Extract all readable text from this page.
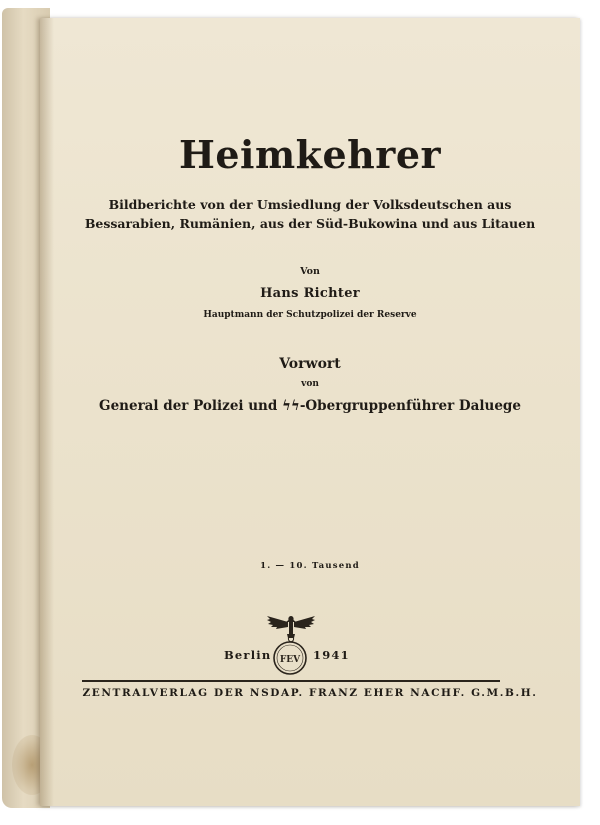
Heimkehrer
Bildberichte von der Umsiedlung der Volksdeutschen aus
Bessarabien, Rumänien, aus der Süd-Bukowina und aus Litauen
Von
Hans Richter
Hauptmann der Schutzpolizei der Reserve
Vorwort
von
General der Polizei und ϟϟ-Obergruppenführer Daluege
1. — 10. Tausend
Berlin FEV 1941
ZENTRALVERLAG DER NSDAP. FRANZ EHER NACHF. G.M.B.H.
